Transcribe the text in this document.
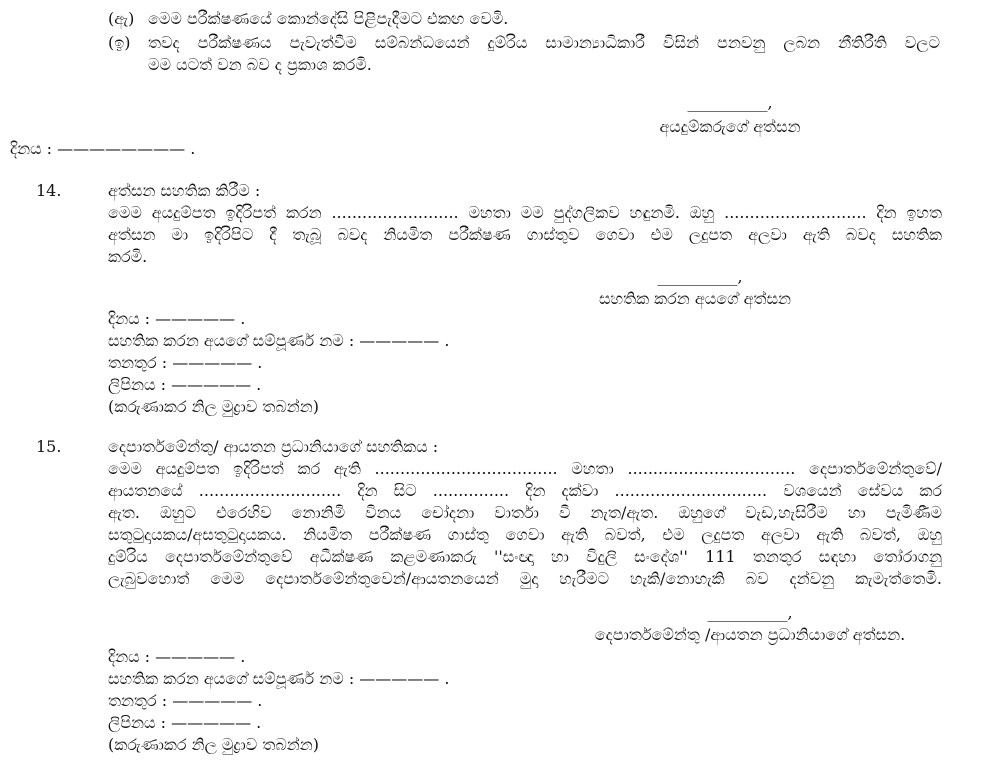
(ඇ) මෙම පරීක්ෂණයේ කොන්දේසි පිළිපැදීමට එකඟ වෙමි.
(ඉ) තවද පරීක්ෂණය පැවැත්වීම සම්බන්ධයෙන් දුම්රිය සාමාන්‍යාධිකාරී විසින් පනවනු ලබන නීතිරීති වලට
මම යටත් වන බව ද ප්‍රකාශ කරමි.
__________,
අයදුම්කරුගේ අත්සන
දිනය : ———————— .
14.	අත්සන සහතික කිරීම :
මෙම අයදුම්පත ඉදිරිපත් කරන ......................... මහතා මම පුද්ගලිකව හඳුනමි. ඔහු ............................ දින ඉහත
අත්සන මා ඉදිරිපිට දී තැබූ බවද නියමිත පරීක්ෂණ ගාස්තුව ගෙවා එම ලදුපත අලවා ඇති බවද සහතික
කරමි.
__________,
සහතික කරන අයගේ අත්සන
දිනය : ————— .
සහතික කරන අයගේ සම්පූර්ණ නම : ————— .
තනතුර : ————— .
ලිපිනය : ————— .
(කරුණාකර නිල මුද්‍රාව තබන්න)
15.	දෙපාර්තමේන්තු/ ආයතන ප්‍රධානියාගේ සහතිකය :
මෙම අයදුම්පත ඉදිරිපත් කර ඇති .................................... මහතා ................................. දෙපාර්තමේන්තුවේ/
ආයතනයේ ............................ දින සිට ............... දින දක්වා .............................. වශයෙන් සේවය කර
ඇත. ඔහුට එරෙහිව නොනිමි විනය චෝදනා වාර්තා වී නැත/ඇත. ඔහුගේ වැඩ,හැසිරීම හා පැමිණීම
සතුටුදායකය/අසතුටුදායකය. නියමිත පරීක්ෂණ ගාස්තු ගෙවා ඇති බවත්, එම ලදුපත අලවා ඇති බවත්, ඔහු
දුම්රිය දෙපාර්තමේන්තුවේ අධීක්ෂණ කළමණාකරු ''සංඥා හා විදුලි සංදේශ'' 111 තනතුර සඳහා තෝරාගනු
ලැබුවහොත් මෙම දෙපාර්තමේන්තුවෙන්/ආයතනයෙන් මුදා හැරීමට හැකි/නොහැකි බව දන්වනු කැමැත්තෙමි.
__________,
දෙපාර්තමේන්තු /ආයතන ප්‍රධානියාගේ අත්සන.
දිනය : ————— .
සහතික කරන අයගේ සම්පූර්ණ නම : ————— .
තනතුර : ————— .
ලිපිනය : ————— .
(කරුණාකර නිල මුද්‍රාව තබන්න)
